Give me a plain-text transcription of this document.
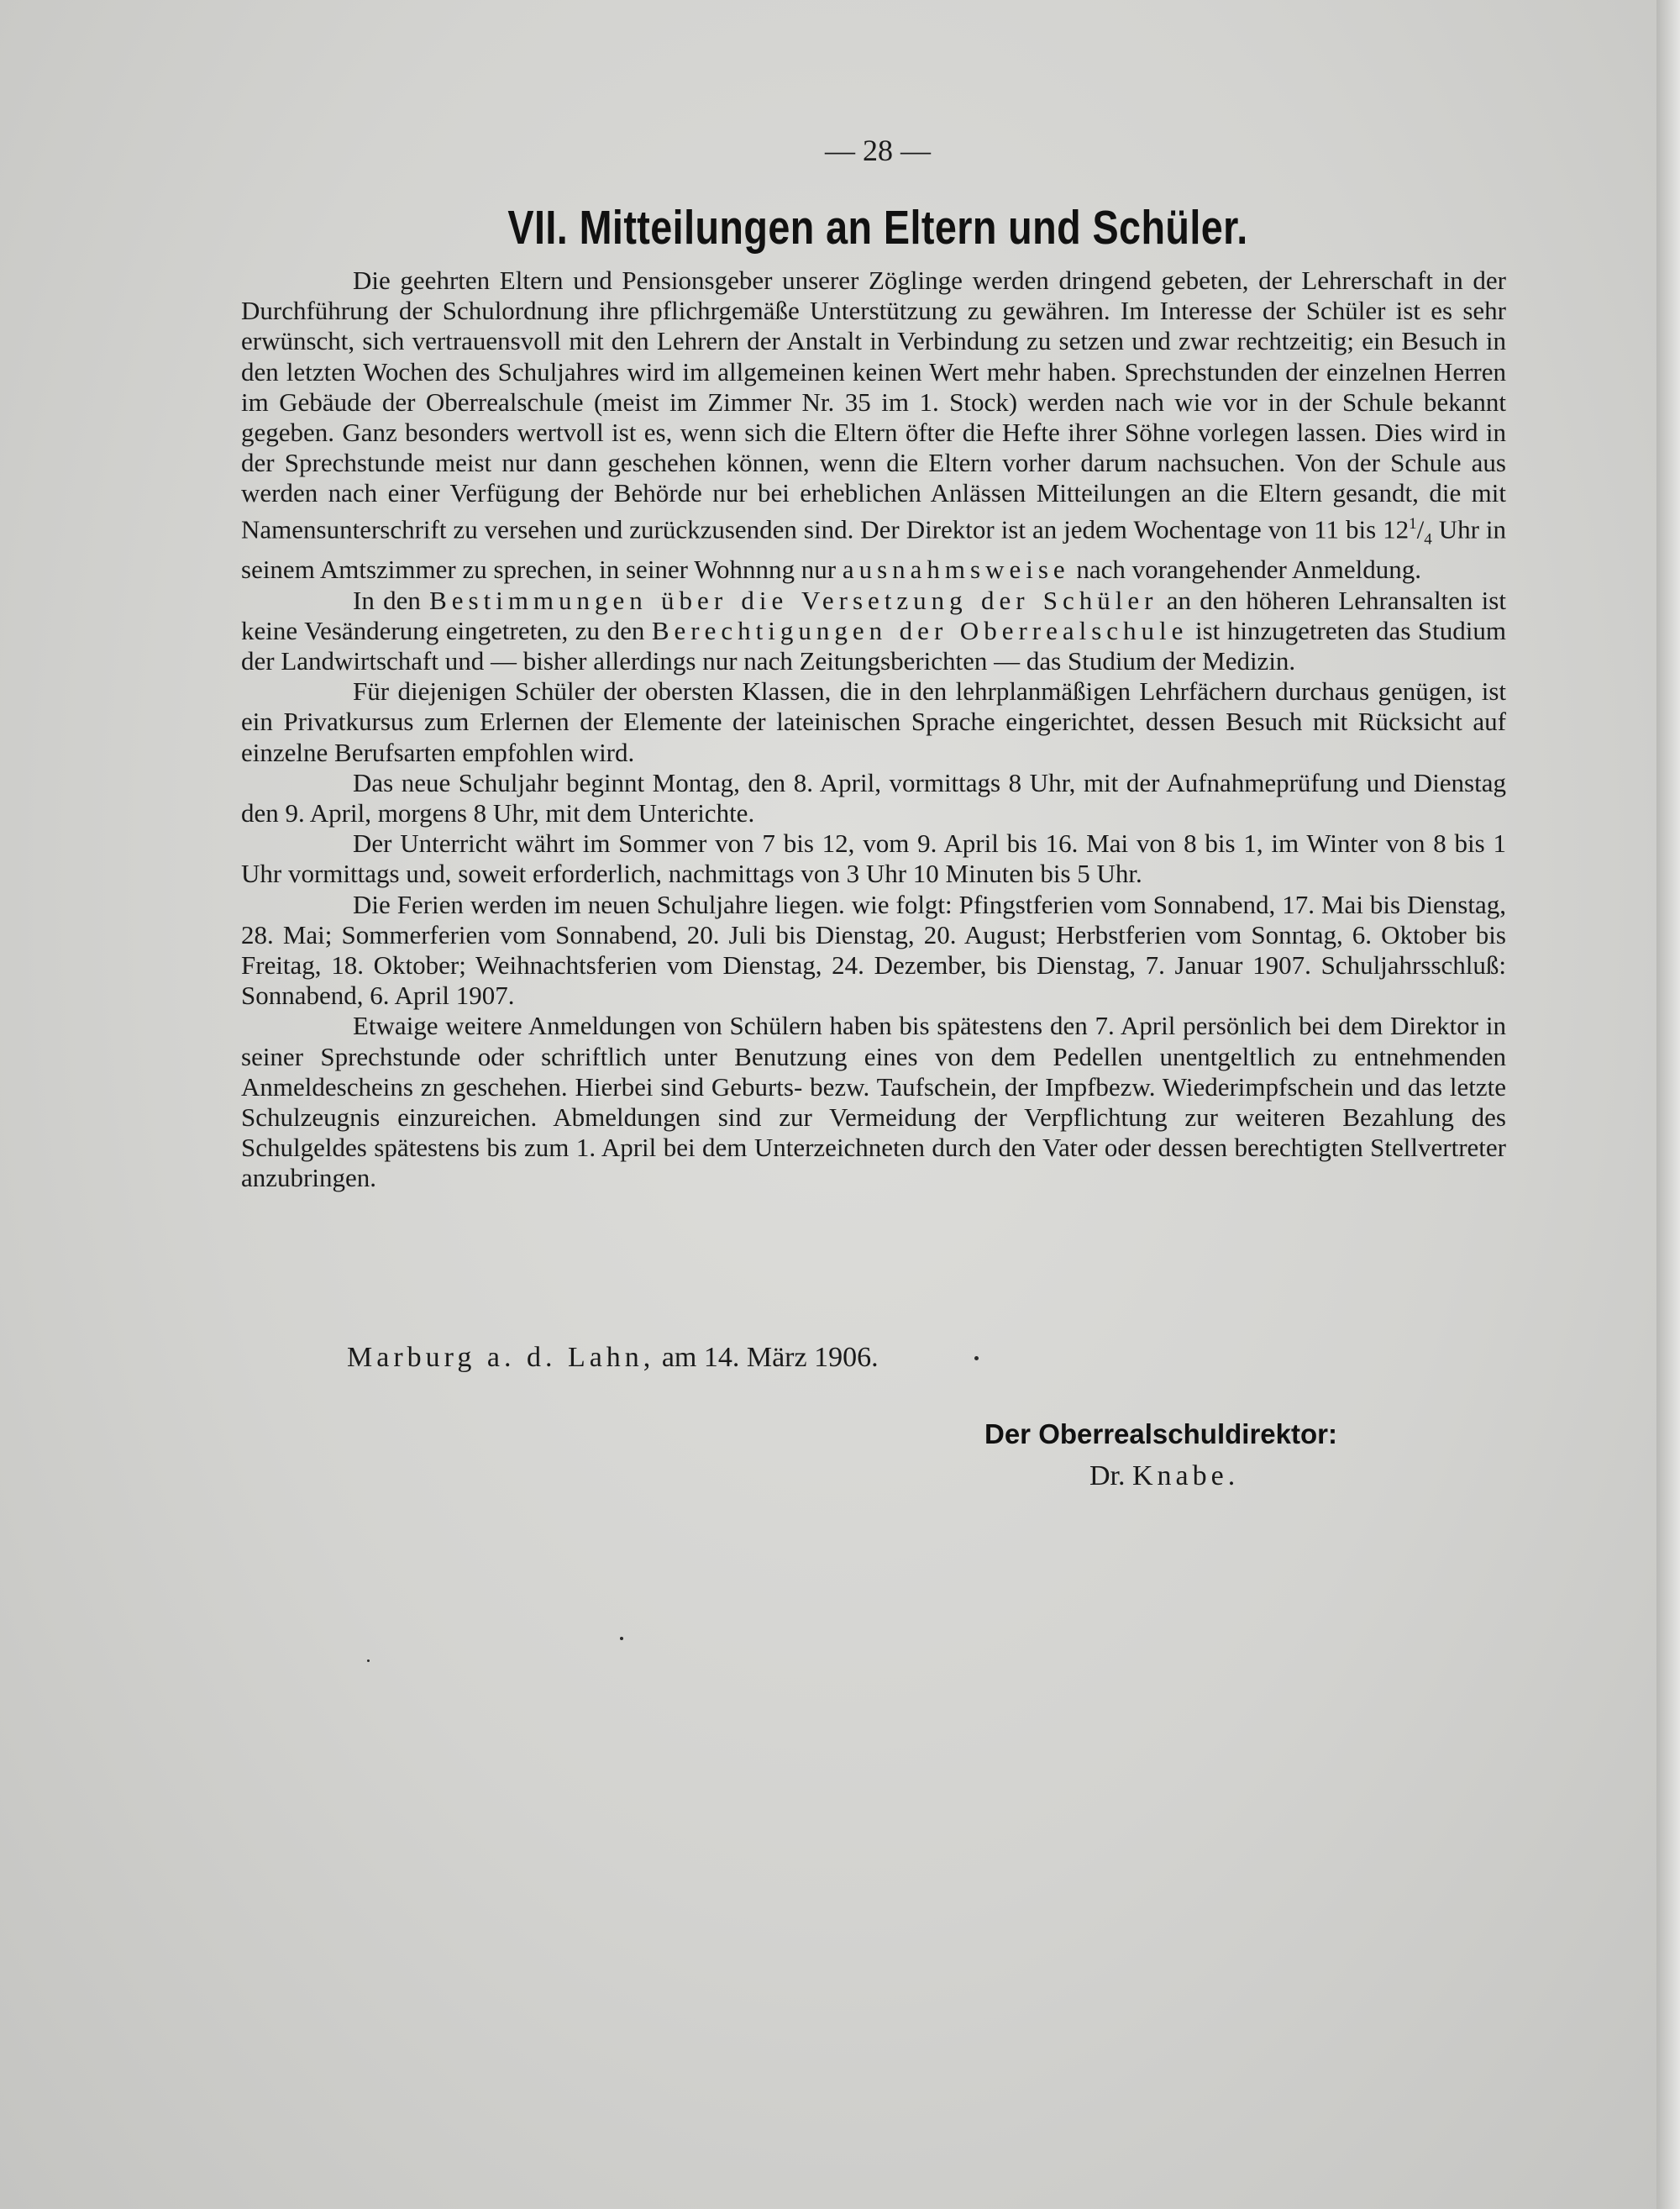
— 28 —
VII. Mitteilungen an Eltern und Schüler.

Die geehrten Eltern und Pensionsgeber unserer Zöglinge werden dringend gebeten, der Lehrerschaft in der Durchführung der Schulordnung ihre pflichrgemäße Unterstützung zu gewähren. Im Interesse der Schüler ist es sehr erwünscht, sich vertrauensvoll mit den Lehrern der Anstalt in Verbindung zu setzen und zwar rechtzeitig; ein Besuch in den letzten Wochen des Schuljahres wird im allgemeinen keinen Wert mehr haben. Sprechstunden der einzelnen Herren im Gebäude der Oberrealschule (meist im Zimmer Nr. 35 im 1. Stock) werden nach wie vor in der Schule bekannt gegeben. Ganz besonders wertvoll ist es, wenn sich die Eltern öfter die Hefte ihrer Söhne vorlegen lassen. Dies wird in der Sprechstunde meist nur dann geschehen können, wenn die Eltern vorher darum nachsuchen. Von der Schule aus werden nach einer Verfügung der Behörde nur bei erheblichen Anlässen Mitteilungen an die Eltern gesandt, die mit Namensunterschrift zu versehen und zurückzusenden sind. Der Direktor ist an jedem Wochentage von 11 bis $12^1/_4$ Uhr in seinem Amtszimmer zu sprechen, in seiner Wohnnng nur ausnahmsweise nach vorangehender Anmeldung.

In den Bestimmungen über die Versetzung der Schüler an den höheren Lehransalten ist keine Vesänderung eingetreten, zu den Berechtigungen der Oberrealschule ist hinzugetreten das Studium der Landwirtschaft und — bisher allerdings nur nach Zeitungsberichten — das Studium der Medizin.

Für diejenigen Schüler der obersten Klassen, die in den lehrplanmäßigen Lehrfächern durchaus genügen, ist ein Privatkursus zum Erlernen der Elemente der lateinischen Sprache eingerichtet, dessen Besuch mit Rücksicht auf einzelne Berufsarten empfohlen wird.

Das neue Schuljahr beginnt Montag, den 8. April, vormittags 8 Uhr, mit der Aufnahmeprüfung und Dienstag den 9. April, morgens 8 Uhr, mit dem Unterichte.

Der Unterricht währt im Sommer von 7 bis 12, vom 9. April bis 16. Mai von 8 bis 1, im Winter von 8 bis 1 Uhr vormittags und, soweit erforderlich, nachmittags von 3 Uhr 10 Minuten bis 5 Uhr.

Die Ferien werden im neuen Schuljahre liegen. wie folgt: Pfingstferien vom Sonnabend, 17. Mai bis Dienstag, 28. Mai; Sommerferien vom Sonnabend, 20. Juli bis Dienstag, 20. August; Herbstferien vom Sonntag, 6. Oktober bis Freitag, 18. Oktober; Weihnachtsferien vom Dienstag, 24. Dezember, bis Dienstag, 7. Januar 1907. Schuljahrsschluß: Sonnabend, 6. April 1907.

Etwaige weitere Anmeldungen von Schülern haben bis spätestens den 7. April persönlich bei dem Direktor in seiner Sprechstunde oder schriftlich unter Benutzung eines von dem Pedellen unentgeltlich zu entnehmenden Anmeldescheins zn geschehen. Hierbei sind Geburts- bezw. Taufschein, der Impfbezw. Wiederimpfschein und das letzte Schulzeugnis einzureichen. Abmeldungen sind zur Vermeidung der Verpflichtung zur weiteren Bezahlung des Schulgeldes spätestens bis zum 1. April bei dem Unterzeichneten durch den Vater oder dessen berechtigten Stellvertreter anzubringen.

Marburg a. d. Lahn, am 14. März 1906.
Der Oberrealschuldirektor:
Dr. Knabe.
